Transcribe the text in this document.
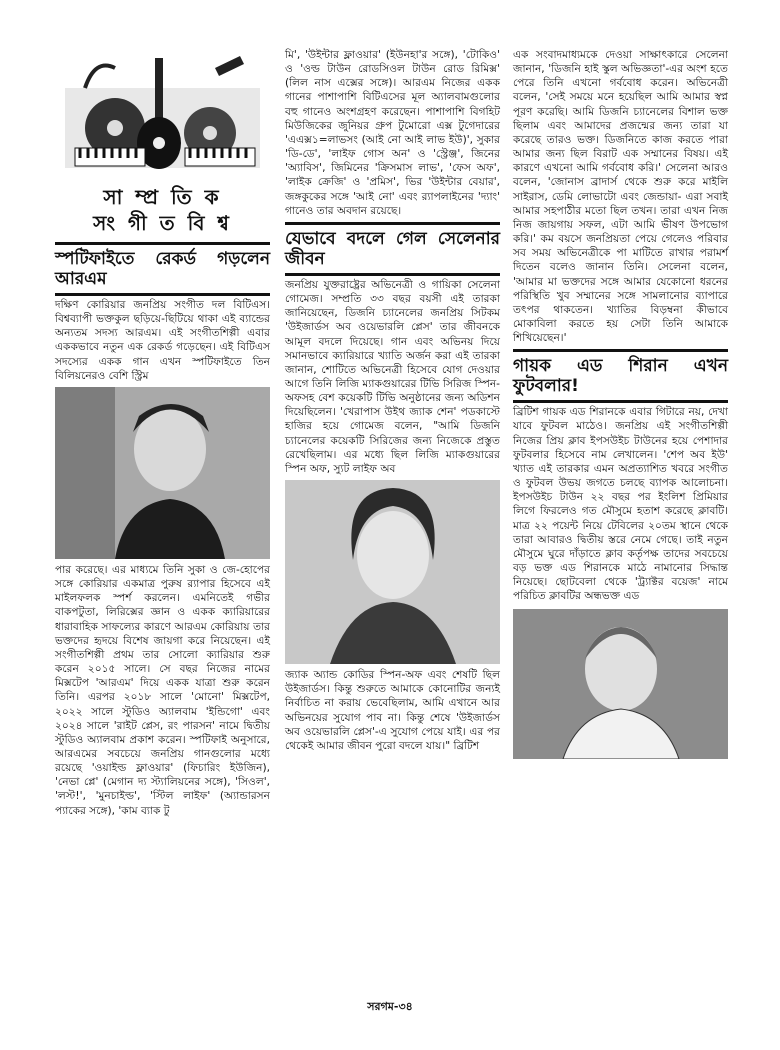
সা ম্প্র তি ক
সং গী ত বি শ্ব
স্পটিফাইতে রেকর্ড গড়লেন আরএম

দক্ষিণ কোরিয়ার জনপ্রিয় সংগীত দল বিটিএস। বিশ্বব্যাপী ভক্তকুল ছড়িয়ে-ছিটিয়ে থাকা এই ব্যান্ডের অন্যতম সদস্য আরএম। এই সংগীতশিল্পী এবার এককভাবে নতুন এক রেকর্ড গড়েছেন। এই বিটিএস সদস্যের একক গান এখন স্পটিফাইতে তিন বিলিয়নেরও বেশি স্ট্রিম

পার করেছে। এর মাধ্যমে তিনি সুকা ও জে-হোপের সঙ্গে কোরিয়ার একমাত্র পুরুষ র‍্যাপার হিসেবে এই মাইলফলক স্পর্শ করলেন। এমনিতেই গভীর বাকপটুতা, লিরিক্সের জ্ঞান ও একক ক্যারিয়ারের ধারাবাহিক সাফল্যের কারণে আরএম কোরিয়ায় তার ভক্তদের হৃদয়ে বিশেষ জায়গা করে নিয়েছেন। এই সংগীতশিল্পী প্রথম তার সোলো ক্যারিয়ার শুরু করেন ২০১৫ সালে। সে বছর নিজের নামের মিক্সটেপ 'আরএম' দিয়ে একক যাত্রা শুরু করেন তিনি। এরপর ২০১৮ সালে 'মোনো' মিক্সটেপ, ২০২২ সালে স্টুডিও অ্যালবাম 'ইন্ডিগো' এবং ২০২৪ সালে 'রাইট প্লেস, রং পারসন' নামে দ্বিতীয় স্টুডিও অ্যালবাম প্রকাশ করেন। স্পটিফাই অনুসারে, আরএমের সবচেয়ে জনপ্রিয় গানগুলোর মধ্যে রয়েছে 'ওয়াইল্ড ফ্লাওয়ার' (ফিচারিং ইউজিন), 'নেভা প্লে' (মেগান দ্য স্ট্যালিয়নের সঙ্গে), 'সিওল', 'লস্ট!', 'মুনচাইল্ড', 'স্টিল লাইফ' (অ্যান্ডারসন প্যাকের সঙ্গে), 'কাম ব্যাক টু

মি', 'উইন্টার ফ্লাওয়ার' (ইউনহা'র সঙ্গে), 'টোকিও' ও 'ওল্ড টাউন রোডসিওল টাউন রোড রিমিক্স' (লিল নাস এক্সের সঙ্গে)। আরএম নিজের একক গানের পাশাপাশি বিটিএসের মূল অ্যালবামগুলোর বহু গানেও অংশগ্রহণ করেছেন। পাশাপাশি বিগহিট মিউজিকের জুনিয়র গ্রুপ টুমোরো এক্স টুগেদারের 'এএক্স১=লাভসং (আই নো আই লাভ ইউ)', সুকার 'ডি-ডে', 'লাইফ গোস অন' ও 'স্ট্রেঞ্জ', জিনের 'অ্যাবিস', জিমিনের 'ক্রিসমাস লাভ', 'ফেস অফ', 'লাইক ক্রেজি' ও 'প্রমিস', ভির 'উইন্টার বেয়ার', জঙ্গকুকের সঙ্গে 'আই নো' এবং র‍্যাপলাইনের 'দ্যাং' গানেও তার অবদান রয়েছে।

যেভাবে বদলে গেল সেলেনার জীবন

জনপ্রিয় যুক্তরাষ্ট্রের অভিনেত্রী ও গায়িকা সেলেনা গোমেজ। সম্প্রতি ৩৩ বছর বয়সী এই তারকা জানিয়েছেন, ডিজনি চ্যানেলের জনপ্রিয় সিটকম 'উইজার্ডস অব ওয়েভারলি প্লেস' তার জীবনকে আমূল বদলে দিয়েছে। গান এবং অভিনয় দিয়ে সমানভাবে ক্যারিয়ারে খ্যাতি অর্জন করা এই তারকা জানান, শোটিতে অভিনেত্রী হিসেবে যোগ দেওয়ার আগে তিনি লিজি ম্যাকগুয়ারের টিভি সিরিজ স্পিন-অফসহ বেশ কয়েকটি টিভি অনুষ্ঠানের জন্য অডিশন দিয়েছিলেন। 'খেরাপাস উইথ জ্যাক শেন' পডকাস্টে হাজির হয়ে গোমেজ বলেন, "আমি ডিজনি চ্যানেলের কয়েকটি সিরিজের জন্য নিজেকে প্রস্তুত রেখেছিলাম। এর মধ্যে ছিল লিজি ম্যাকগুয়ারের স্পিন অফ, স্যুট লাইফ অব

জ্যাক অ্যান্ড কোডির স্পিন-অফ এবং শেষটি ছিল উইজার্ডস। কিন্তু শুরুতে আমাকে কোনোটির জন্যই নির্বাচিত না করায় ভেবেছিলাম, আমি এখানে আর অভিনয়ের সুযোগ পাব না। কিন্তু শেষে 'উইজার্ডস অব ওয়েভারলি প্লেস'-এ সুযোগ পেয়ে যাই। এর পর থেকেই আমার জীবন পুরো বদলে যায়।" ব্রিটিশ

এক সংবাদমাধ্যমকে দেওয়া সাক্ষাৎকারে সেলেনা জানান, 'ডিজনি হাই স্কুল অভিজ্ঞতা'-এর অংশ হতে পেরে তিনি এখনো গর্ববোধ করেন। অভিনেত্রী বলেন, 'সেই সময়ে মনে হয়েছিল আমি আমার স্বপ্ন পূরণ করেছি। আমি ডিজনি চ্যানেলের বিশাল ভক্ত ছিলাম এবং আমাদের প্রজন্মের জন্য তারা যা করেছে তারও ভক্ত। ডিজনিতে কাজ করতে পারা আমার জন্য ছিল বিরাট এক সম্মানের বিষয়। এই কারণে এখনো আমি গর্ববোধ করি।' সেলেনা আরও বলেন, 'জোনাস ব্রাদার্স থেকে শুরু করে মাইলি সাইরাস, ডেমি লোভাটো এবং জেন্ডায়া- এরা সবাই আমার সহপাঠীর মতো ছিল তখন। তারা এখন নিজ নিজ জায়গায় সফল, এটা আমি ভীষণ উপভোগ করি।' কম বয়সে জনপ্রিয়তা পেয়ে গেলেও পরিবার সব সময় অভিনেত্রীকে পা মাটিতে রাখার পরামর্শ দিতেন বলেও জানান তিনি। সেলেনা বলেন, 'আমার মা ভক্তদের সঙ্গে আমার যেকোনো ধরনের পরিস্থিতি খুব সম্মানের সঙ্গে সামলানোর ব্যাপারে তৎপর থাকতেন। খ্যাতির বিড়ম্বনা কীভাবে মোকাবিলা করতে হয় সেটা তিনি আমাকে শিখিয়েছেন।'

গায়ক এড শিরান এখন ফুটবলার!

ব্রিটিশ গায়ক এড শিরানকে এবার গিটারে নয়, দেখা যাবে ফুটবল মাঠেও। জনপ্রিয় এই সংগীতশিল্পী নিজের প্রিয় ক্লাব ইপসউইচ টাউনের হয়ে পেশাদার ফুটবলার হিসেবে নাম লেখালেন। 'শেপ অব ইউ' খ্যাত এই তারকার এমন অপ্রত্যাশিত খবরে সংগীত ও ফুটবল উভয় জগতে চলছে ব্যাপক আলোচনা। ইপসউইচ টাউন ২২ বছর পর ইংলিশ প্রিমিয়ার লিগে ফিরলেও গত মৌসুমে হতাশ করেছে ক্লাবটি। মাত্র ২২ পয়েন্ট নিয়ে টেবিলের ২০তম স্থানে থেকে তারা আবারও দ্বিতীয় স্তরে নেমে গেছে। তাই নতুন মৌসুমে ঘুরে দাঁড়াতে ক্লাব কর্তৃপক্ষ তাদের সবচেয়ে বড় ভক্ত এড শিরানকে মাঠে নামানোর সিদ্ধান্ত নিয়েছে। ছোটবেলা থেকে 'ট্র্যাক্টর বয়েজ' নামে পরিচিত ক্লাবটির অন্ধভক্ত এড

সরগম-৩৪
